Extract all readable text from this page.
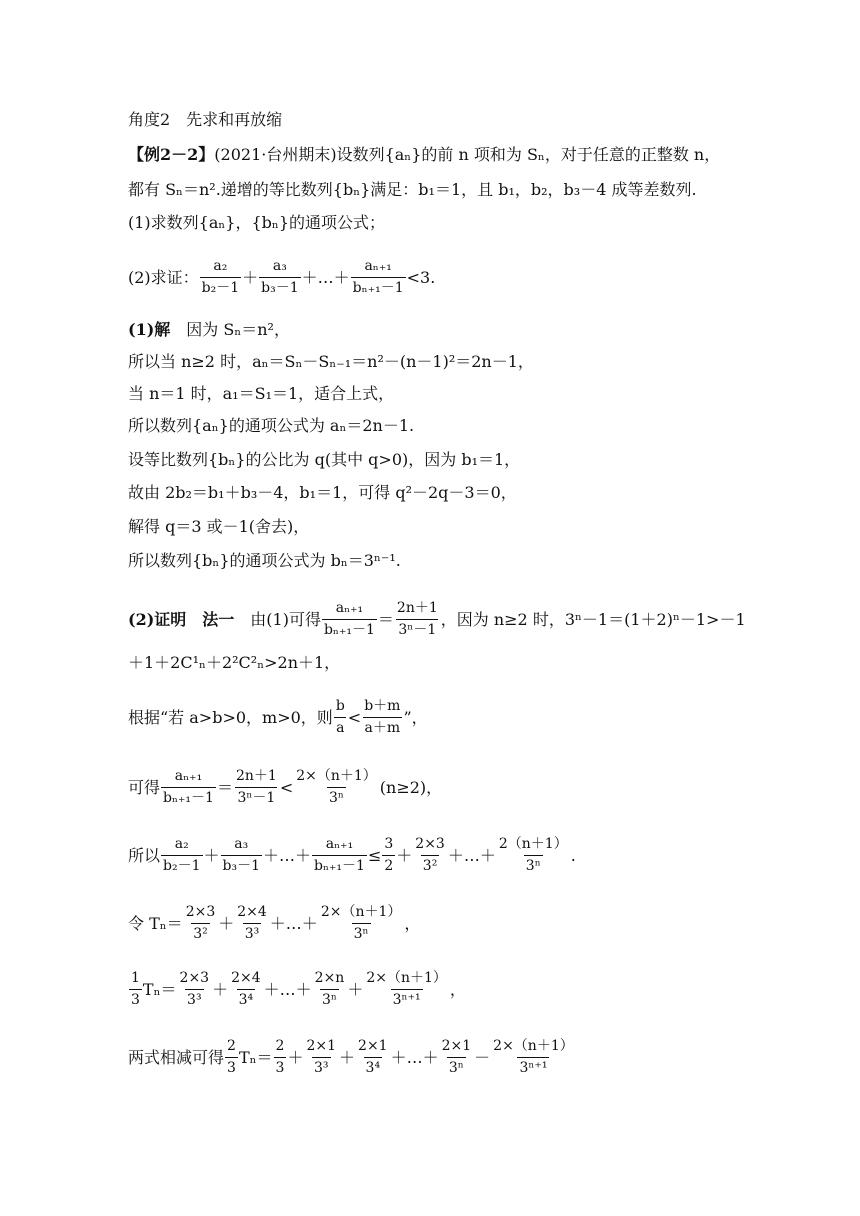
角度2　先求和再放缩
【例2－2】 (2021·台州期末)设数列{aₙ}的前 n 项和为 Sₙ，对于任意的正整数 n，
都有 Sₙ＝n².递增的等比数列{bₙ}满足：b₁＝1，且 b₁，b₂，b₃－4 成等差数列.
(1)求数列{aₙ}，{bₙ}的通项公式；
(2)求证： $\frac{\text{a₂}}{\text{b₂－1}} + \frac{\text{a₃}}{\text{b₃－1}}$ ＋…＋ $\frac{\text{aₙ₊₁}}{\text{bₙ₊₁－1}} <3$.
(1)解 　因为 Sₙ＝n²，
所以当 n≥2 时，aₙ＝Sₙ－Sₙ₋₁＝n²－(n－1)²＝2n－1，
当 n＝1 时，a₁＝S₁＝1，适合上式，
所以数列{aₙ}的通项公式为 aₙ＝2n－1.
设等比数列{bₙ}的公比为 q(其中 q>0)，因为 b₁＝1，
故由 2b₂＝b₁＋b₃－4，b₁＝1，可得 q²－2q－3＝0，
解得 q＝3 或－1(舍去)，
所以数列{bₙ}的通项公式为 bₙ＝3ⁿ⁻¹.
(2)证明　法一 　由(1)可得 $\frac{\text{aₙ₊₁}}{\text{bₙ₊₁－1}} = \frac{2n+1}{\text{3ⁿ－1}}$ ，因为 n≥2 时，3ⁿ－1＝(1＋2)ⁿ－1>－1
＋1＋2C¹ₙ＋2²C²ₙ>2n＋1，
根据“若 a>b>0，m>0，则 $\frac{b}{a} < \frac{b+m}{a+m}$ ”，
可得 $\frac{\text{aₙ₊₁}}{\text{bₙ₊₁－1}} = \frac{2n+1}{\text{3ⁿ－1}} < \frac{2\times(n+1)}{\text{3ⁿ}} (n\ge 2)$，
所以 $\frac{\text{a₂}}{\text{b₂－1}} + \frac{\text{a₃}}{\text{b₃－1}}$ ＋…＋ $\frac{\text{aₙ₊₁}}{\text{bₙ₊₁－1}} \le \frac{3}{2} + \frac{2\times 3}{\text{3²}}$ ＋…＋ $\frac{2(n+1)}{\text{3ⁿ}}$ .
令 $T_n= \frac{2\times 3}{\text{3²}} + \frac{2\times 4}{\text{3³}}$ ＋…＋ $\frac{2\times(n+1)}{\text{3ⁿ}}$ ，
$\frac{1}{3} T_n= \frac{2\times 3}{\text{3³}} + \frac{2\times 4}{\text{3⁴}}$ ＋…＋ $\frac{2\times n}{\text{3ⁿ}} + \frac{2\times(n+1)}{\text{3ⁿ⁺¹}}$ ，
两式相减可得 $\frac{2}{3} T_n= \frac{2}{3} + \frac{2\times 1}{\text{3³}} + \frac{2\times 1}{\text{3⁴}}$ ＋…＋ $\frac{2\times 1}{\text{3ⁿ}} - \frac{2\times(n+1)}{\text{3ⁿ⁺¹}}$
